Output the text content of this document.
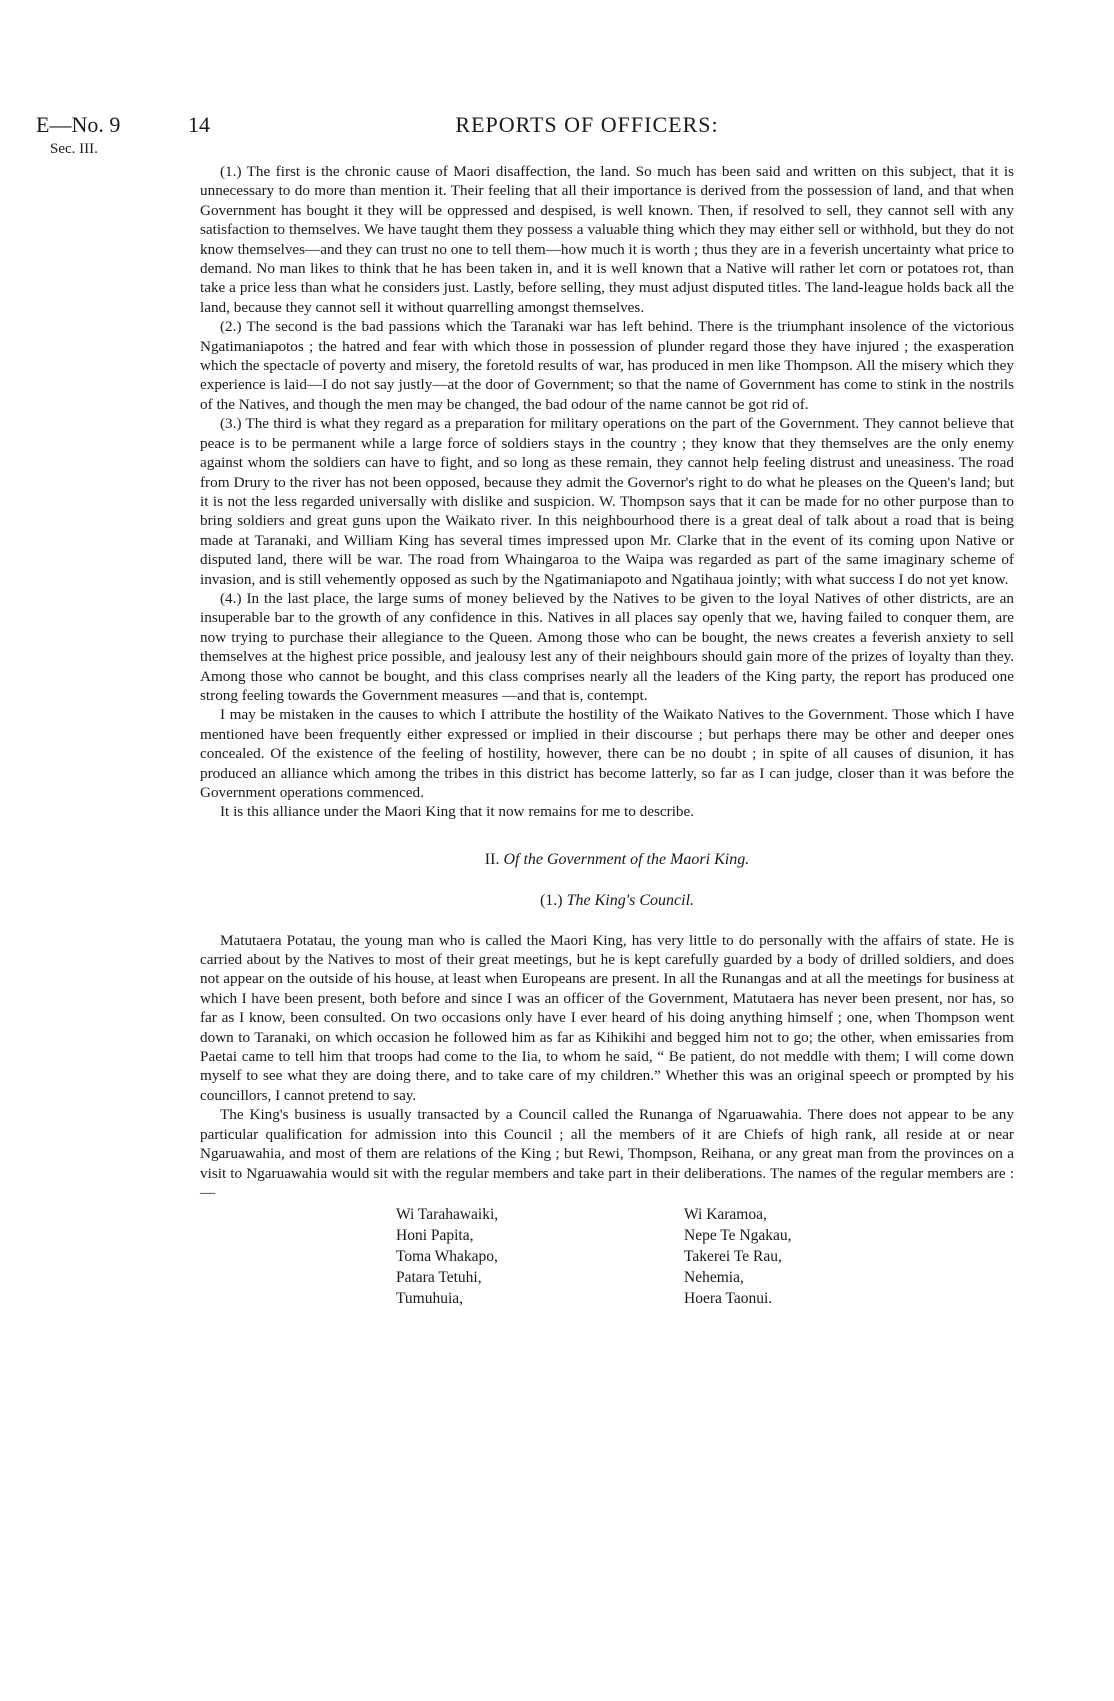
E—No. 9
Sec. III.
14	REPORTS OF OFFICERS:

(1.) The first is the chronic cause of Maori disaffection, the land. So much has been said and written on this subject, that it is unnecessary to do more than mention it. Their feeling that all their importance is derived from the possession of land, and that when Government has bought it they will be oppressed and despised, is well known. Then, if resolved to sell, they cannot sell with any satisfaction to themselves. We have taught them they possess a valuable thing which they may either sell or withhold, but they do not know themselves—and they can trust no one to tell them—how much it is worth ; thus they are in a feverish uncertainty what price to demand. No man likes to think that he has been taken in, and it is well known that a Native will rather let corn or potatoes rot, than take a price less than what he considers just. Lastly, before selling, they must adjust disputed titles. The land-league holds back all the land, because they cannot sell it without quarrelling amongst themselves.

(2.) The second is the bad passions which the Taranaki war has left behind. There is the triumphant insolence of the victorious Ngatimaniapotos ; the hatred and fear with which those in possession of plunder regard those they have injured ; the exasperation which the spectacle of poverty and misery, the foretold results of war, has produced in men like Thompson. All the misery which they experience is laid—I do not say justly—at the door of Government; so that the name of Government has come to stink in the nostrils of the Natives, and though the men may be changed, the bad odour of the name cannot be got rid of.

(3.) The third is what they regard as a preparation for military operations on the part of the Government. They cannot believe that peace is to be permanent while a large force of soldiers stays in the country ; they know that they themselves are the only enemy against whom the soldiers can have to fight, and so long as these remain, they cannot help feeling distrust and uneasiness. The road from Drury to the river has not been opposed, because they admit the Governor's right to do what he pleases on the Queen's land; but it is not the less regarded universally with dislike and suspicion. W. Thompson says that it can be made for no other purpose than to bring soldiers and great guns upon the Waikato river. In this neighbourhood there is a great deal of talk about a road that is being made at Taranaki, and William King has several times impressed upon Mr. Clarke that in the event of its coming upon Native or disputed land, there will be war. The road from Whaingaroa to the Waipa was regarded as part of the same imaginary scheme of invasion, and is still vehemently opposed as such by the Ngatimaniapoto and Ngatihaua jointly; with what success I do not yet know.

(4.) In the last place, the large sums of money believed by the Natives to be given to the loyal Natives of other districts, are an insuperable bar to the growth of any confidence in this. Natives in all places say openly that we, having failed to conquer them, are now trying to purchase their allegiance to the Queen. Among those who can be bought, the news creates a feverish anxiety to sell themselves at the highest price possible, and jealousy lest any of their neighbours should gain more of the prizes of loyalty than they. Among those who cannot be bought, and this class comprises nearly all the leaders of the King party, the report has produced one strong feeling towards the Government measures —and that is, contempt.

I may be mistaken in the causes to which I attribute the hostility of the Waikato Natives to the Government. Those which I have mentioned have been frequently either expressed or implied in their discourse ; but perhaps there may be other and deeper ones concealed. Of the existence of the feeling of hostility, however, there can be no doubt ; in spite of all causes of disunion, it has produced an alliance which among the tribes in this district has become latterly, so far as I can judge, closer than it was before the Government operations commenced.

It is this alliance under the Maori King that it now remains for me to describe.

II. Of the Government of the Maori King.

(1.) The King's Council.

Matutaera Potatau, the young man who is called the Maori King, has very little to do personally with the affairs of state. He is carried about by the Natives to most of their great meetings, but he is kept carefully guarded by a body of drilled soldiers, and does not appear on the outside of his house, at least when Europeans are present. In all the Runangas and at all the meetings for business at which I have been present, both before and since I was an officer of the Government, Matutaera has never been present, nor has, so far as I know, been consulted. On two occasions only have I ever heard of his doing anything himself ; one, when Thompson went down to Taranaki, on which occasion he followed him as far as Kihikihi and begged him not to go; the other, when emissaries from Paetai came to tell him that troops had come to the Iia, to whom he said, “ Be patient, do not meddle with them; I will come down myself to see what they are doing there, and to take care of my children.” Whether this was an original speech or prompted by his councillors, I cannot pretend to say.

The King's business is usually transacted by a Council called the Runanga of Ngaruawahia. There does not appear to be any particular qualification for admission into this Council ; all the members of it are Chiefs of high rank, all reside at or near Ngaruawahia, and most of them are relations of the King ; but Rewi, Thompson, Reihana, or any great man from the provinces on a visit to Ngaruawahia would sit with the regular members and take part in their deliberations. The names of the regular members are :—

Wi Tarahawaiki,
Honi Papita,
Toma Whakapo,
Patara Tetuhi,
Tumuhuia,
Wi Karamoa,
Nepe Te Ngakau,
Takerei Te Rau,
Nehemia,
Hoera Taonui.
